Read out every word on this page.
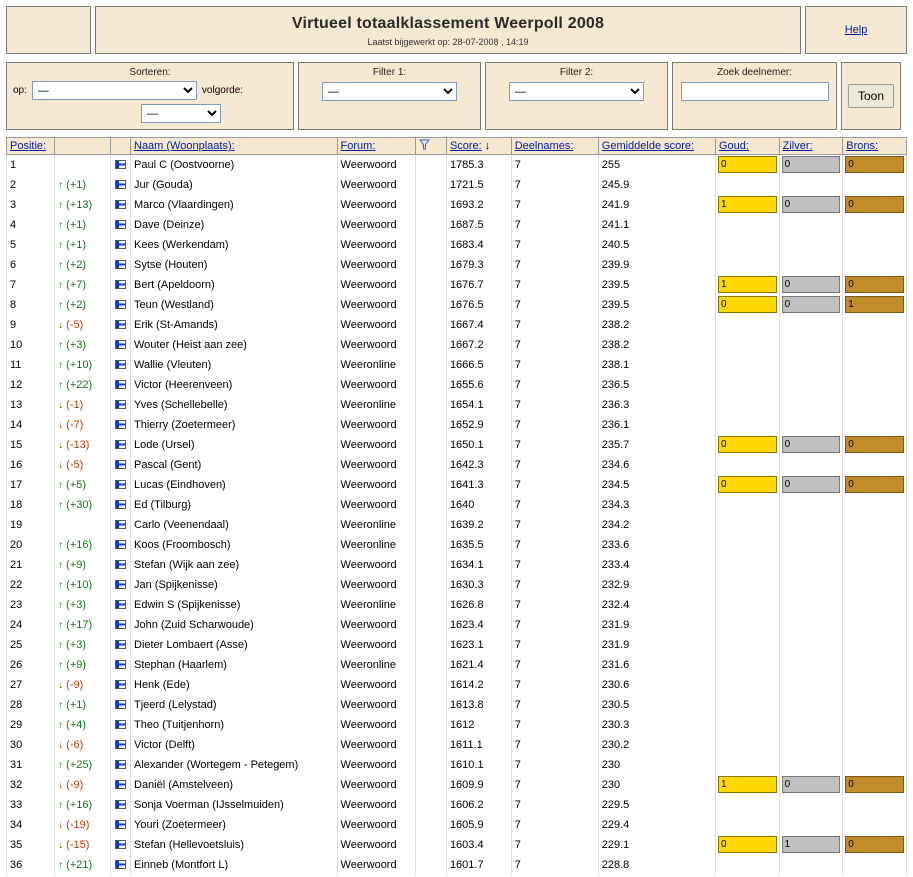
Virtueel totaalklassement Weerpoll 2008
Laatst bijgewerkt op: 28-07-2008 , 14:19
Help
Sorteren:
op:
—	volgorde:
—
Filter 1:
—	Filter 2:
—	Zoek deelnemer:
Toon
Positie:			Naam (Woonplaats):	Forum:		Score: ↓	Deelnames:	Gemiddelde score:	Goud:	Zilver:	Brons:
1			Paul C (Oostvoorne)	Weerwoord		1785.3	7	255	0	0	0

2	↑ (+1)		Jur (Gouda)	Weerwoord		1721.5	7	245.9			
3	↑ (+13)		Marco (Vlaardingen)	Weerwoord		1693.2	7	241.9	1	0	0

4	↑ (+1)		Dave (Deinze)	Weerwoord		1687.5	7	241.1			
5	↑ (+1)		Kees (Werkendam)	Weerwoord		1683.4	7	240.5			
6	↑ (+2)		Sytse (Houten)	Weerwoord		1679.3	7	239.9			
7	↑ (+7)		Bert (Apeldoorn)	Weerwoord		1676.7	7	239.5	1	0	0

8	↑ (+2)		Teun (Westland)	Weerwoord		1676.5	7	239.5	0	0	1

9	↓ (-5)		Erik (St-Amands)	Weerwoord		1667.4	7	238.2			
10	↑ (+3)		Wouter (Heist aan zee)	Weerwoord		1667.2	7	238.2			
11	↑ (+10)		Wallie (Vleuten)	Weeronline		1666.5	7	238.1			
12	↑ (+22)		Victor (Heerenveen)	Weerwoord		1655.6	7	236.5			
13	↓ (-1)		Yves (Schellebelle)	Weeronline		1654.1	7	236.3			
14	↓ (-7)		Thierry (Zoetermeer)	Weerwoord		1652.9	7	236.1			
15	↓ (-13)		Lode (Ursel)	Weerwoord		1650.1	7	235.7	0	0	0

16	↓ (-5)		Pascal (Gent)	Weerwoord		1642.3	7	234.6			
17	↑ (+5)		Lucas (Eindhoven)	Weerwoord		1641.3	7	234.5	0	0	0

18	↑ (+30)		Ed (Tilburg)	Weerwoord		1640	7	234.3			
19			Carlo (Veenendaal)	Weeronline		1639.2	7	234.2			
20	↑ (+16)		Koos (Froombosch)	Weeronline		1635.5	7	233.6			
21	↑ (+9)		Stefan (Wijk aan zee)	Weerwoord		1634.1	7	233.4			
22	↑ (+10)		Jan (Spijkenisse)	Weerwoord		1630.3	7	232.9			
23	↑ (+3)		Edwin S (Spijkenisse)	Weeronline		1626.8	7	232.4			
24	↑ (+17)		John (Zuid Scharwoude)	Weerwoord		1623.4	7	231.9			
25	↑ (+3)		Dieter Lombaert (Asse)	Weerwoord		1623.1	7	231.9			
26	↑ (+9)		Stephan (Haarlem)	Weeronline		1621.4	7	231.6			
27	↓ (-9)		Henk (Ede)	Weerwoord		1614.2	7	230.6			
28	↑ (+1)		Tjeerd (Lelystad)	Weerwoord		1613.8	7	230.5			
29	↑ (+4)		Theo (Tuitjenhorn)	Weerwoord		1612	7	230.3			
30	↓ (-6)		Victor (Delft)	Weerwoord		1611.1	7	230.2			
31	↑ (+25)		Alexander (Wortegem - Petegem)	Weerwoord		1610.1	7	230			
32	↓ (-9)		Daniël (Amstelveen)	Weerwoord		1609.9	7	230	1	0	0

33	↑ (+16)		Sonja Voerman (IJsselmuiden)	Weerwoord		1606.2	7	229.5			
34	↓ (-19)		Youri (Zoetermeer)	Weerwoord		1605.9	7	229.4			
35	↓ (-15)		Stefan (Hellevoetsluis)	Weerwoord		1603.4	7	229.1	0	1	0

36	↑ (+21)		Einneb (Montfort L)	Weerwoord		1601.7	7	228.8			
